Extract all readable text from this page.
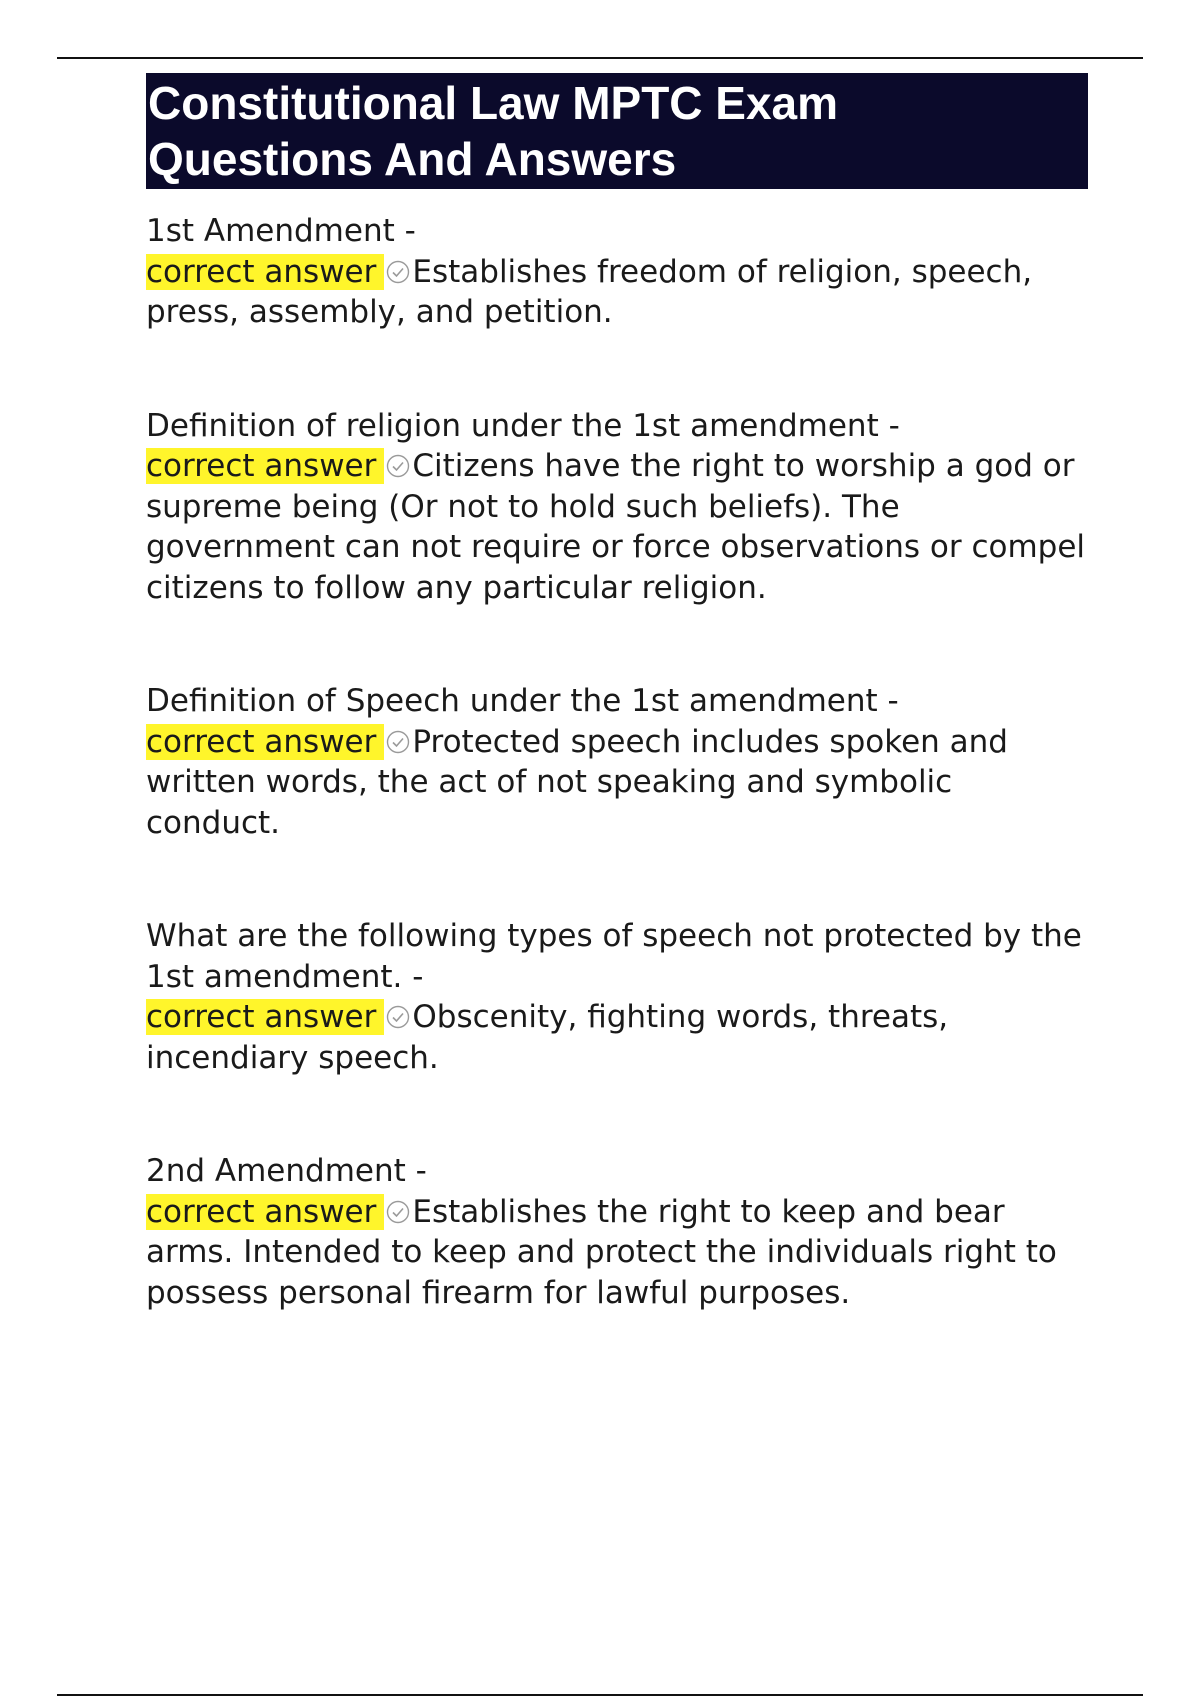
Constitutional Law MPTC Exam
Questions And Answers
1st Amendment -
correct answer Establishes freedom of religion, speech, press, assembly, and petition.
Definition of religion under the 1st amendment -
correct answer Citizens have the right to worship a god or supreme being (Or not to hold such beliefs). The government can not require or force observations or compel citizens to follow any particular religion.
Definition of Speech under the 1st amendment -
correct answer Protected speech includes spoken and written words, the act of not speaking and symbolic conduct.
What are the following types of speech not protected by the 1st amendment. -
correct answer Obscenity, fighting words, threats, incendiary speech.
2nd Amendment -
correct answer Establishes the right to keep and bear arms. Intended to keep and protect the individuals right to possess personal firearm for lawful purposes.
